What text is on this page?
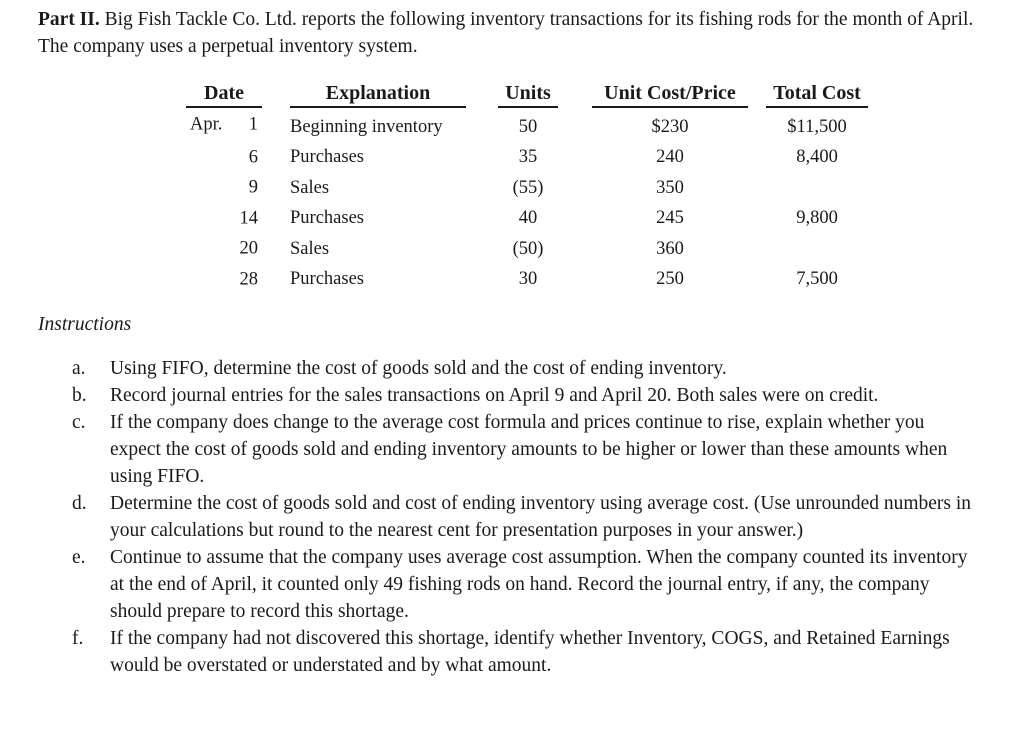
Part II. Big Fish Tackle Co. Ltd. reports the following inventory transactions for its fishing rods for the month of April. The company uses a perpetual inventory system.
Date		Explanation		Units		Unit Cost/Price		Total Cost

Apr. 1		Beginning inventory		50		$230		$11,500

6		Purchases		35		240		8,400

9		Sales		(55)		350		

14		Purchases		40		245		9,800

20		Sales		(50)		360		

28		Purchases		30		250		7,500
Instructions
a.	Using FIFO, determine the cost of goods sold and the cost of ending inventory.
b.	Record journal entries for the sales transactions on April 9 and April 20. Both sales were on credit.
c.	If the company does change to the average cost formula and prices continue to rise, explain whether you expect the cost of goods sold and ending inventory amounts to be higher or lower than these amounts when using FIFO.
d.	Determine the cost of goods sold and cost of ending inventory using average cost. (Use unrounded numbers in your calculations but round to the nearest cent for presentation purposes in your answer.)
e.	Continue to assume that the company uses average cost assumption. When the company counted its inventory at the end of April, it counted only 49 fishing rods on hand. Record the journal entry, if any, the company should prepare to record this shortage.
f.	If the company had not discovered this shortage, identify whether Inventory, COGS, and Retained Earnings would be overstated or understated and by what amount.
